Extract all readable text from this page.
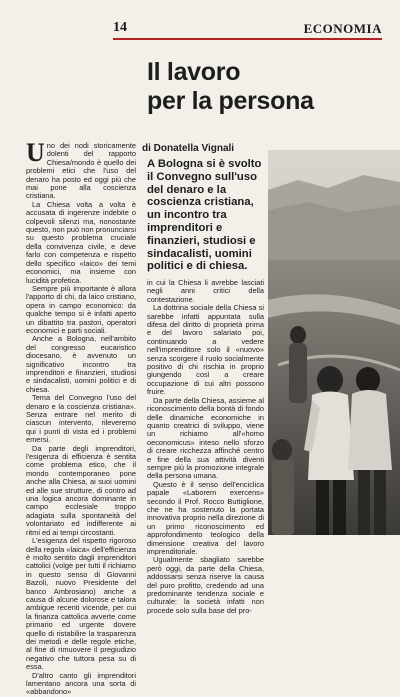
14	ECONOMIA
Il lavoro
per la persona
U no dei nodi storicamente dolenti del rapporto Chiesa/mondo è quello dei problemi etici che l'uso del denaro ha posto ed oggi più che mai pone alla coscienza cristiana.

La Chiesa volta a volta è accusata di ingerenze indebite o colpevoli silenzi ma, nonostante questo, non può non pronunciarsi su questo problema cruciale della convivenza civile, e deve farlo con competenza e rispetto dello specifico «laico» dei temi economici, ma insieme con lucidità profetica.

Sempre più importante è allora l'apporto di chi, da laico cristiano, opera in campo economico: da qualche tempo si è infatti aperto un dibattito tra pastori, operatori economici e parti sociali.

Anche a Bologna, nell'ambito del congresso eucaristico diocesano, è avvenuto un significativo incontro tra imprenditori e finanzieri, studiosi e sindacalisti, uomini politici e di chiesa.

Tema del Convegno l'uso del denaro e la coscienza cristiana». Senza entrare nel merito di ciascun intervento, rileveremo qui i punti di vista ed i problemi emersi.

Da parte degli imprenditori, l'esigenza di efficienza è sentita come problema etico, che il mondo contemporaneo pone anche alla Chiesa, ai suoi uomini ed alle sue strutture, di contro ad una logica ancora dominante in campo ecclesiale troppo adagiata sulla spontaneità del volontariato ed indifferente ai ritmi ed ai tempi circostanti.

L'esigenza del rispetto rigoroso della regola «laica» dell'efficienza è molto sentito dagli imprenditori cattolici (volge per tutti il richiamo in questo senso di Giovanni Bazoli, nuovo Presidente del banco Ambrosiano) anche a causa di alcune dolorose e talora ambigue recenti vicende, per cui la finanza cattolica avverte come primario ed urgente dovere quello di ristabilire la trasparenza dei metodi e delle regole etiche, al fine di rimuovere il pregiudizio negativo che tuttora pesa su di essa.

D'altro canto gli imprenditori lamentano ancora una sorta di «abbandono»

di Donatella Vignali
A Bologna si è svolto il Convegno sull'uso del denaro e la coscienza cristiana, un incontro tra imprenditori e finanzieri, studiosi e sindacalisti, uomini politici e di chiesa.

in cui la Chiesa li avrebbe lasciati negli anni critici della contestazione.

La dottrina sociale della Chiesa si sarebbe infatti appuntata sulla difesa del diritto di proprietà prima e del lavoro salariato poi, continuando a vedere nell'imprenditore solo il «nuovo» senza scorgere il ruolo socialmente positivo di chi rischia in proprio giungendo così a creare occupazione di cui altri possono fruire.

Da parte della Chiesa, assieme al riconoscimento della bontà di fondo delle dinamiche economiche in quanto creatrici di sviluppo, viene un richiamo all'«homo oeconomicus» inteso nello sforzo di creare ricchezza affinché centro e fine della sua attività diventi sempre più la promozione integrale della persona umana.

Questo è il senso dell'enciclica papale «Laborem exercens» secondo il Prof. Rocco Buttiglione, che ne ha sostenuto la portata innovativa proprio nella direzione di un primo riconoscimento ed approfondimento teologico della dimensione creativa del lavoro imprenditoriale.

Ugualmente sbagliato sarebbe però oggi, da parte della Chiesa, addossarsi senza riserve la causa del puro profitto, credendo ad una predominante tendenza sociale e culturale: la società infatti non procede solo sulla base del pro-
